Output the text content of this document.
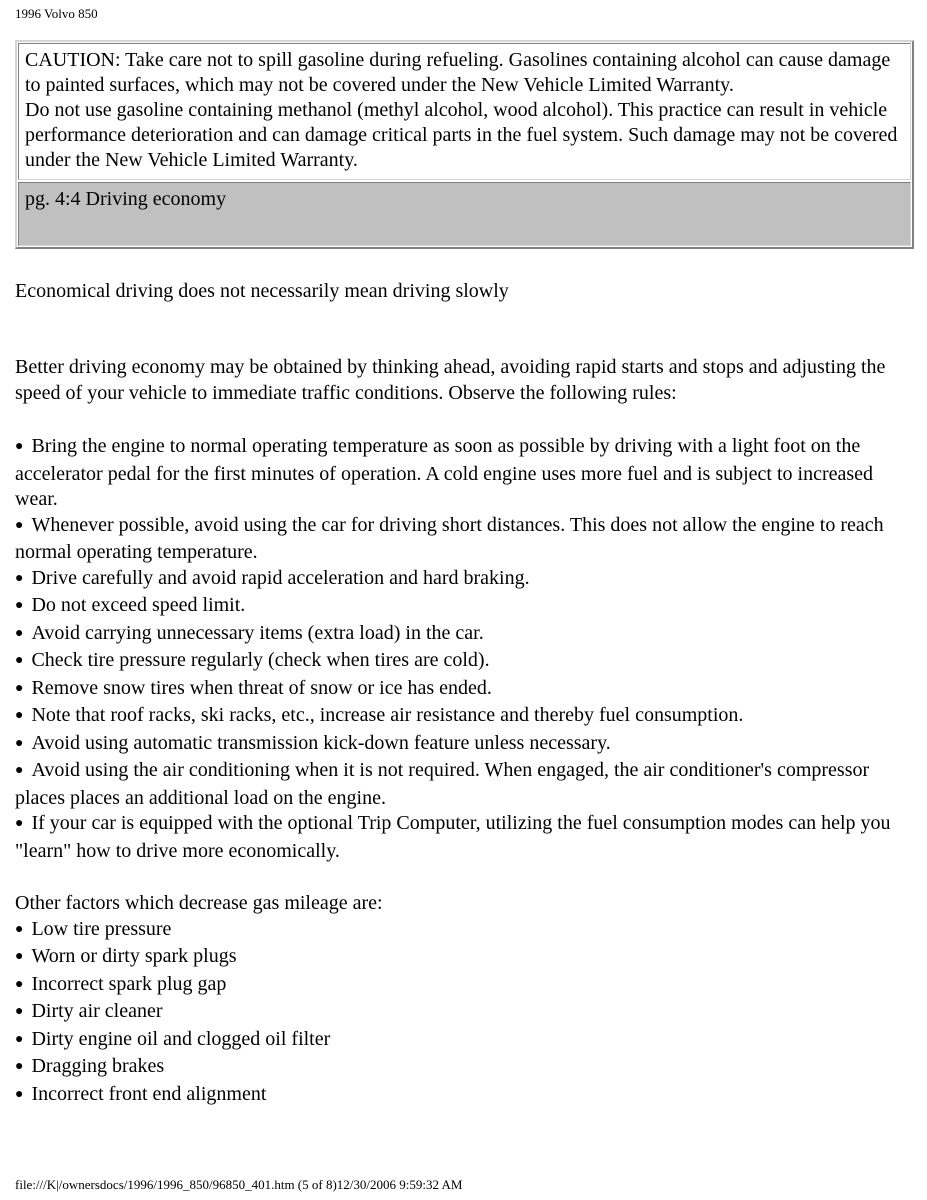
1996 Volvo 850
CAUTION: Take care not to spill gasoline during refueling. Gasolines containing alcohol can cause damage to painted surfaces, which may not be covered under the New Vehicle Limited Warranty.
Do not use gasoline containing methanol (methyl alcohol, wood alcohol). This practice can result in vehicle performance deterioration and can damage critical parts in the fuel system. Such damage may not be covered under the New Vehicle Limited Warranty.
pg. 4:4 Driving economy
Economical driving does not necessarily mean driving slowly
Better driving economy may be obtained by thinking ahead, avoiding rapid starts and stops and adjusting the speed of your vehicle to immediate traffic conditions. Observe the following rules:
● Bring the engine to normal operating temperature as soon as possible by driving with a light foot on the accelerator pedal for the first minutes of operation. A cold engine uses more fuel and is subject to increased wear.
● Whenever possible, avoid using the car for driving short distances. This does not allow the engine to reach normal operating temperature.
● Drive carefully and avoid rapid acceleration and hard braking.
● Do not exceed speed limit.
● Avoid carrying unnecessary items (extra load) in the car.
● Check tire pressure regularly (check when tires are cold).
● Remove snow tires when threat of snow or ice has ended.
● Note that roof racks, ski racks, etc., increase air resistance and thereby fuel consumption.
● Avoid using automatic transmission kick-down feature unless necessary.
● Avoid using the air conditioning when it is not required. When engaged, the air conditioner's compressor places places an additional load on the engine.
● If your car is equipped with the optional Trip Computer, utilizing the fuel consumption modes can help you "learn" how to drive more economically.
Other factors which decrease gas mileage are:
● Low tire pressure
● Worn or dirty spark plugs
● Incorrect spark plug gap
● Dirty air cleaner
● Dirty engine oil and clogged oil filter
● Dragging brakes
● Incorrect front end alignment
file:///K|/ownersdocs/1996/1996_850/96850_401.htm (5 of 8)12/30/2006 9:59:32 AM
